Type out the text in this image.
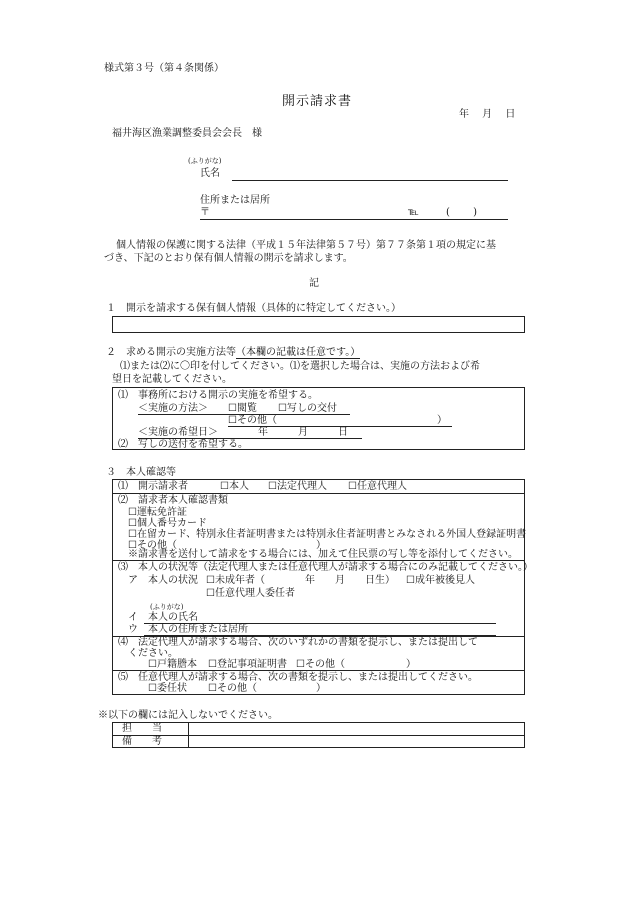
様式第３号（第４条関係）
開示請求書
年　 月　 日
福井海区漁業調整委員会会長　様
(ふりがな)
氏名
住所または居所
〒	℡	(　　 )
個人情報の保護に関する法律（平成１５年法律第５７号）第７７条第１項の規定に基
づき、下記のとおり保有個人情報の開示を請求します。
記
１　開示を請求する保有個人情報（具体的に特定してください。）
２　求める開示の実施方法等（本欄の記載は任意です。）
⑴または⑵に〇印を付してください。⑴を選択した場合は、実施の方法および希
望日を記載してください。
⑴　事務所における開示の実施を希望する。
＜実施の方法＞ ☐閲覧 ☐写しの交付
☐その他（	）
＜実施の希望日＞	年　　　月　　　日
⑵　写しの送付を希望する。
３　本人確認等
⑴　開示請求者	☐本人 ☐法定代理人 ☐任意代理人
⑵　請求者本人確認書類
☐運転免許証
☐個人番号カード
☐在留カード、特別永住者証明書または特別永住者証明書とみなされる外国人登録証明書
☐その他（	）
※請求書を送付して請求をする場合には、加えて住民票の写し等を添付してください。
⑶　本人の状況等（法定代理人または任意代理人が請求する場合にのみ記載してください。）
ア　本人の状況 ☐未成年者（　　　　年　　月　　日生） ☐成年被後見人
☐任意代理人委任者
(ふりがな)
イ　本人の氏名
ウ　本人の住所または居所
⑷　法定代理人が請求する場合、次のいずれかの書類を提示し、または提出して
ください。
☐戸籍謄本 ☐登記事項証明書 ☐その他（	）
⑸　任意代理人が請求する場合、次の書類を提示し、または提出してください。
☐委任状 ☐その他（	）
※以下の欄には記入しないでください。
担　　当
備　　考
